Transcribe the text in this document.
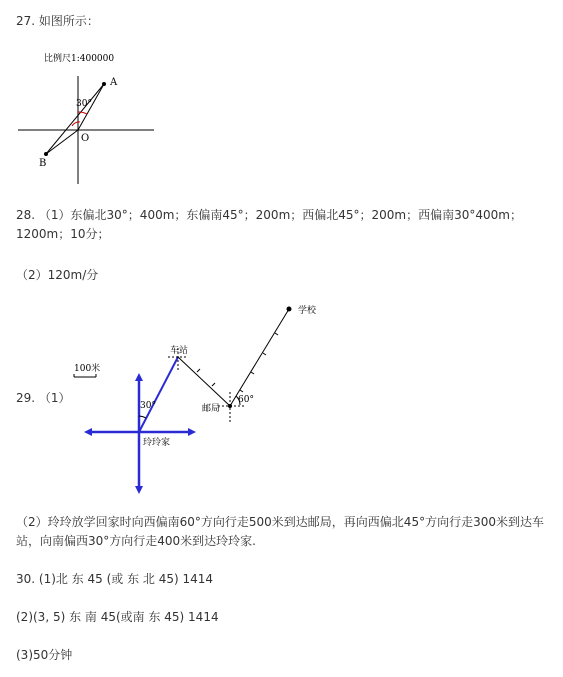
27. 如图所示：
比例尺1:400000
A
B
O
30°
28. （1）东偏北30°；400m；东偏南45°；200m；西偏北45°；200m；西偏南30°400m；1200m；10分；
（2）120m/分
29. （1）
100米
30°
车站
邮局
60°
学校
玲玲家
（2）玲玲放学回家时向西偏南60°方向行走500米到达邮局，再向西偏北45°方向行走300米到达车站，向南偏西30°方向行走400米到达玲玲家.
30. (1)北 东 45 (或 东 北 45) 1414
(2)(3, 5) 东 南 45(或南 东 45) 1414
(3)50分钟
